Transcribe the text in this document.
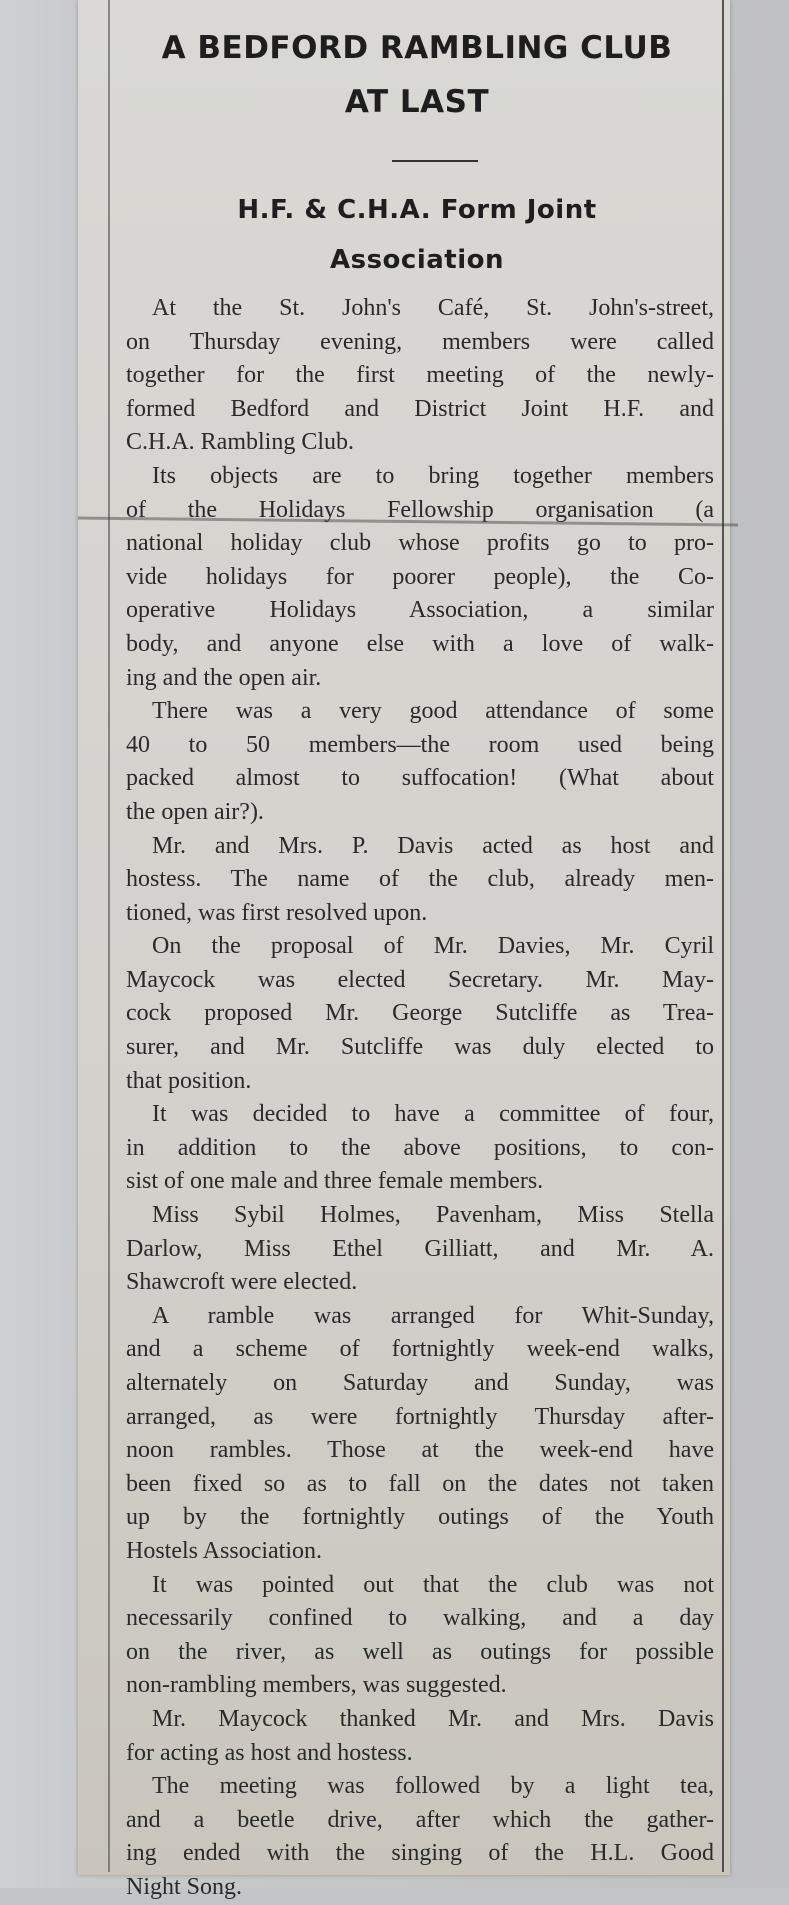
A BEDFORD RAMBLING CLUB
AT LAST
H.F. & C.H.A. Form Joint
Association
At the St. John's Café, St. John's-street,
on Thursday evening, members were called
together for the first meeting of the newly-
formed Bedford and District Joint H.F. and
C.H.A. Rambling Club.
Its objects are to bring together members
of the Holidays Fellowship organisation (a
national holiday club whose profits go to pro-
vide holidays for poorer people), the Co-
operative Holidays Association, a similar
body, and anyone else with a love of walk-
ing and the open air.
There was a very good attendance of some
40 to 50 members—the room used being
packed almost to suffocation! (What about
the open air?).
Mr. and Mrs. P. Davis acted as host and
hostess. The name of the club, already men-
tioned, was first resolved upon.
On the proposal of Mr. Davies, Mr. Cyril
Maycock was elected Secretary. Mr. May-
cock proposed Mr. George Sutcliffe as Trea-
surer, and Mr. Sutcliffe was duly elected to
that position.
It was decided to have a committee of four,
in addition to the above positions, to con-
sist of one male and three female members.
Miss Sybil Holmes, Pavenham, Miss Stella
Darlow, Miss Ethel Gilliatt, and Mr. A.
Shawcroft were elected.
A ramble was arranged for Whit-Sunday,
and a scheme of fortnightly week-end walks,
alternately on Saturday and Sunday, was
arranged, as were fortnightly Thursday after-
noon rambles. Those at the week-end have
been fixed so as to fall on the dates not taken
up by the fortnightly outings of the Youth
Hostels Association.
It was pointed out that the club was not
necessarily confined to walking, and a day
on the river, as well as outings for possible
non-rambling members, was suggested.
Mr. Maycock thanked Mr. and Mrs. Davis
for acting as host and hostess.
The meeting was followed by a light tea,
and a beetle drive, after which the gather-
ing ended with the singing of the H.L. Good
Night Song.
